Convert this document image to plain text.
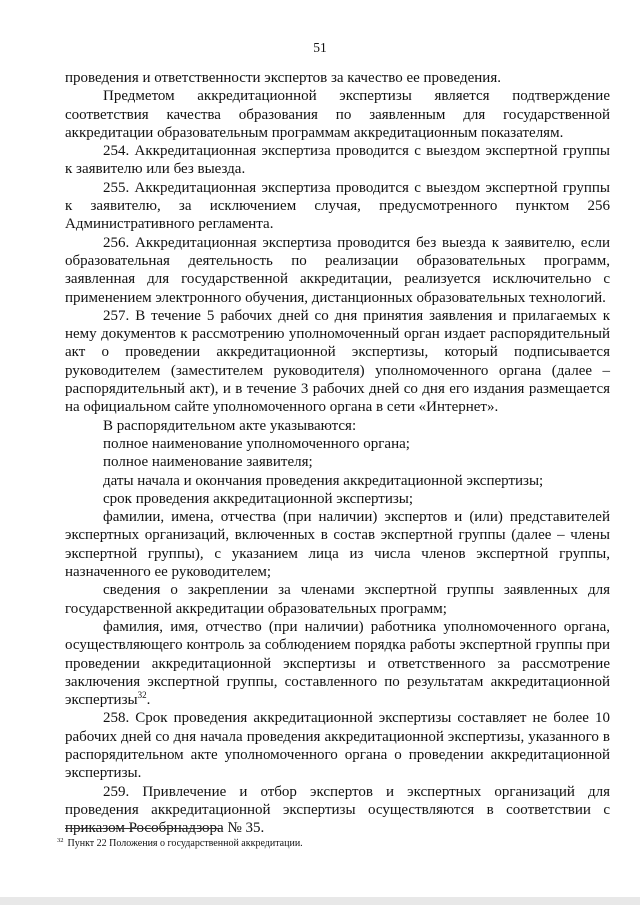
51

проведения и ответственности экспертов за качество ее проведения.

Предметом аккредитационной экспертизы является подтверждение соответствия качества образования по заявленным для государственной аккредитации образовательным программам аккредитационным показателям.

254. Аккредитационная экспертиза проводится с выездом экспертной группы к заявителю или без выезда.

255. Аккредитационная экспертиза проводится с выездом экспертной группы к заявителю, за исключением случая, предусмотренного пунктом 256 Административного регламента.

256. Аккредитационная экспертиза проводится без выезда к заявителю, если образовательная деятельность по реализации образовательных программ, заявленная для государственной аккредитации, реализуется исключительно с применением электронного обучения, дистанционных образовательных технологий.

257. В течение 5 рабочих дней со дня принятия заявления и прилагаемых к нему документов к рассмотрению уполномоченный орган издает распорядительный акт о проведении аккредитационной экспертизы, который подписывается руководителем (заместителем руководителя) уполномоченного органа (далее – распорядительный акт), и в течение 3 рабочих дней со дня его издания размещается на официальном сайте уполномоченного органа в сети «Интернет».

В распорядительном акте указываются:

полное наименование уполномоченного органа;

полное наименование заявителя;

даты начала и окончания проведения аккредитационной экспертизы;

срок проведения аккредитационной экспертизы;

фамилии, имена, отчества (при наличии) экспертов и (или) представителей экспертных организаций, включенных в состав экспертной группы (далее – члены экспертной группы), с указанием лица из числа членов экспертной группы, назначенного ее руководителем;

сведения о закреплении за членами экспертной группы заявленных для государственной аккредитации образовательных программ;

фамилия, имя, отчество (при наличии) работника уполномоченного органа, осуществляющего контроль за соблюдением порядка работы экспертной группы при проведении аккредитационной экспертизы и ответственного за рассмотрение заключения экспертной группы, составленного по результатам аккредитационной экспертизы$^{32}$.

258. Срок проведения аккредитационной экспертизы составляет не более 10 рабочих дней со дня начала проведения аккредитационной экспертизы, указанного в распорядительном акте уполномоченного органа о проведении аккредитационной экспертизы.

259. Привлечение и отбор экспертов и экспертных организаций для проведения аккредитационной экспертизы осуществляются в соответствии с приказом Рособрнадзора № 35.

$^{32}$ Пункт 22 Положения о государственной аккредитации.
